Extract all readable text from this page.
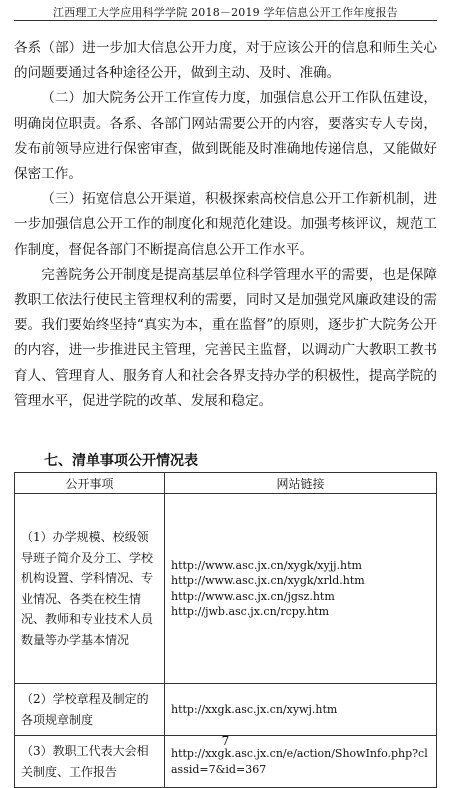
江西理工大学应用科学学院 2018－2019 学年信息公开工作年度报告

各系（部）进一步加大信息公开力度，对于应该公开的信息和师生关心的问题要通过各种途径公开，做到主动、及时、准确。

（二）加大院务公开工作宣传力度，加强信息公开工作队伍建设，明确岗位职责。各系、各部门网站需要公开的内容，要落实专人专岗，发布前领导应进行保密审查，做到既能及时准确地传递信息，又能做好保密工作。

（三）拓宽信息公开渠道，积极探索高校信息公开工作新机制，进一步加强信息公开工作的制度化和规范化建设。加强考核评议，规范工作制度，督促各部门不断提高信息公开工作水平。

完善院务公开制度是提高基层单位科学管理水平的需要，也是保障教职工依法行使民主管理权利的需要，同时又是加强党风廉政建设的需要。我们要始终坚持“真实为本，重在监督”的原则，逐步扩大院务公开的内容，进一步推进民主管理，完善民主监督，以调动广大教职工教书育人、管理育人、服务育人和社会各界支持办学的积极性，提高学院的管理水平，促进学院的改革、发展和稳定。

七、清单事项公开情况表
公开事项	网站链接
（1）办学规模、校级领导班子简介及分工、学校机构设置、学科情况、专业情况、各类在校生情况、教师和专业技术人员数量等办学基本情况	http://www.asc.jx.cn/xygk/xyjj.htm
http://www.asc.jx.cn/xygk/xrld.htm
http://www.asc.jx.cn/jgsz.htm
http://jwb.asc.jx.cn/rcpy.htm

（2）学校章程及制定的各项规章制度	http://xxgk.asc.jx.cn/xywj.htm

（3）教职工代表大会相关制度、工作报告	http://xxgk.asc.jx.cn/e/action/ShowInfo.php?classid=7&id=367
7
